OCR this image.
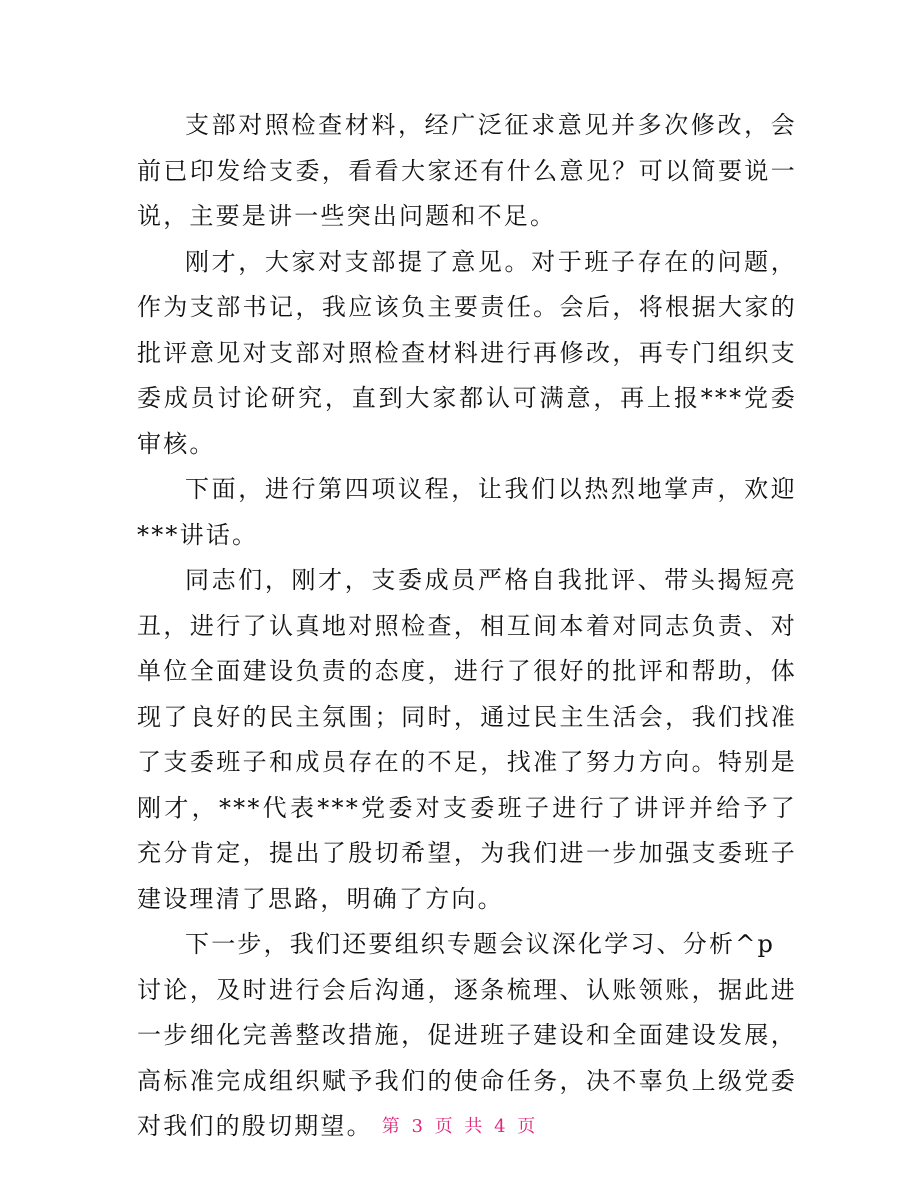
支部对照检查材料，经广泛征求意见并多次修改，会前已印发给支委，看看大家还有什么意见？可以简要说一说，主要是讲一些突出问题和不足。

刚才，大家对支部提了意见。对于班子存在的问题，作为支部书记，我应该负主要责任。会后，将根据大家的批评意见对支部对照检查材料进行再修改，再专门组织支委成员讨论研究，直到大家都认可满意，再上报***党委审核。

下面，进行第四项议程，让我们以热烈地掌声，欢迎***讲话。

同志们，刚才，支委成员严格自我批评、带头揭短亮丑，进行了认真地对照检查，相互间本着对同志负责、对单位全面建设负责的态度，进行了很好的批评和帮助，体现了良好的民主氛围；同时，通过民主生活会，我们找准了支委班子和成员存在的不足，找准了努力方向。特别是刚才，***代表***党委对支委班子进行了讲评并给予了充分肯定，提出了殷切希望，为我们进一步加强支委班子建设理清了思路，明确了方向。

下一步，我们还要组织专题会议深化学习、分析^p

讨论，及时进行会后沟通，逐条梳理、认账领账，据此进一步细化完善整改措施，促进班子建设和全面建设发展，高标准完成组织赋予我们的使命任务，决不辜负上级党委对我们的殷切期望。 第 3 页 共 4 页
